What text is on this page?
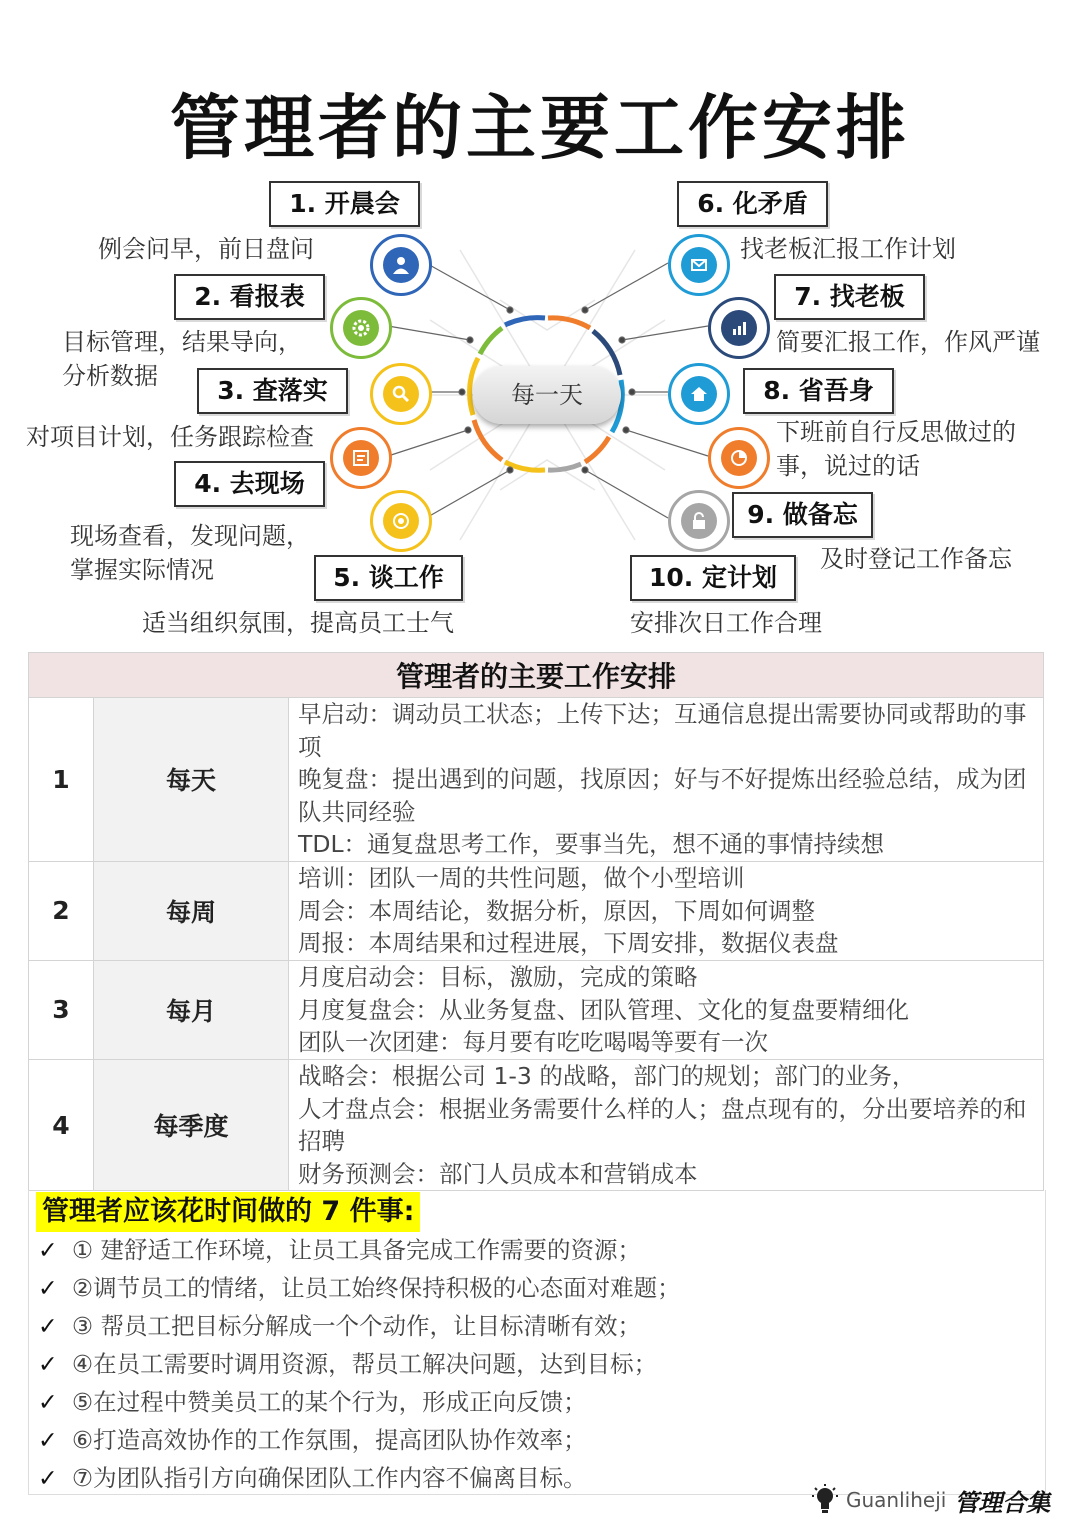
管理者的主要工作安排
每一天
1. 开晨会
例会问早，前日盘问
2. 看报表
目标管理，结果导向，
分析数据	3. 查落实
对项目计划，任务跟踪检查
4. 去现场
现场查看，发现问题，
掌握实际情况	5. 谈工作
适当组织氛围，提高员工士气
6. 化矛盾
找老板汇报工作计划
7. 找老板
简要汇报工作，作风严谨
8. 省吾身
下班前自行反思做过的
事，说过的话
9. 做备忘
及时登记工作备忘
10. 定计划
安排次日工作合理
管理者的主要工作安排		
1	每天	早启动：调动员工状态；上传下达；互通信息提出需要协同或帮助的事项
晚复盘：提出遇到的问题，找原因；好与不好提炼出经验总结，成为团队共同经验
TDL：通复盘思考工作，要事当先，想不通的事情持续想

2	每周	培训：团队一周的共性问题，做个小型培训
周会：本周结论，数据分析，原因，下周如何调整
周报：本周结果和过程进展，下周安排，数据仪表盘

3	每月	月度启动会：目标，激励，完成的策略
月度复盘会：从业务复盘、团队管理、文化的复盘要精细化
团队一次团建：每月要有吃吃喝喝等要有一次

4	每季度	战略会：根据公司 1-3 的战略，部门的规划；部门的业务，
人才盘点会：根据业务需要什么样的人；盘点现有的，分出要培养的和招聘
财务预测会：部门人员成本和营销成本
管理者应该花时间做的 7 件事:
✓ ① 建舒适工作环境，让员工具备完成工作需要的资源；
✓ ②调节员工的情绪，让员工始终保持积极的心态面对难题；
✓ ③ 帮员工把目标分解成一个个动作，让目标清晰有效；
✓ ④在员工需要时调用资源，帮员工解决问题，达到目标；
✓ ⑤在过程中赞美员工的某个行为，形成正向反馈；
✓ ⑥打造高效协作的工作氛围，提高团队协作效率；
✓ ⑦为团队指引方向确保团队工作内容不偏离目标。
Guanliheji 管理合集
